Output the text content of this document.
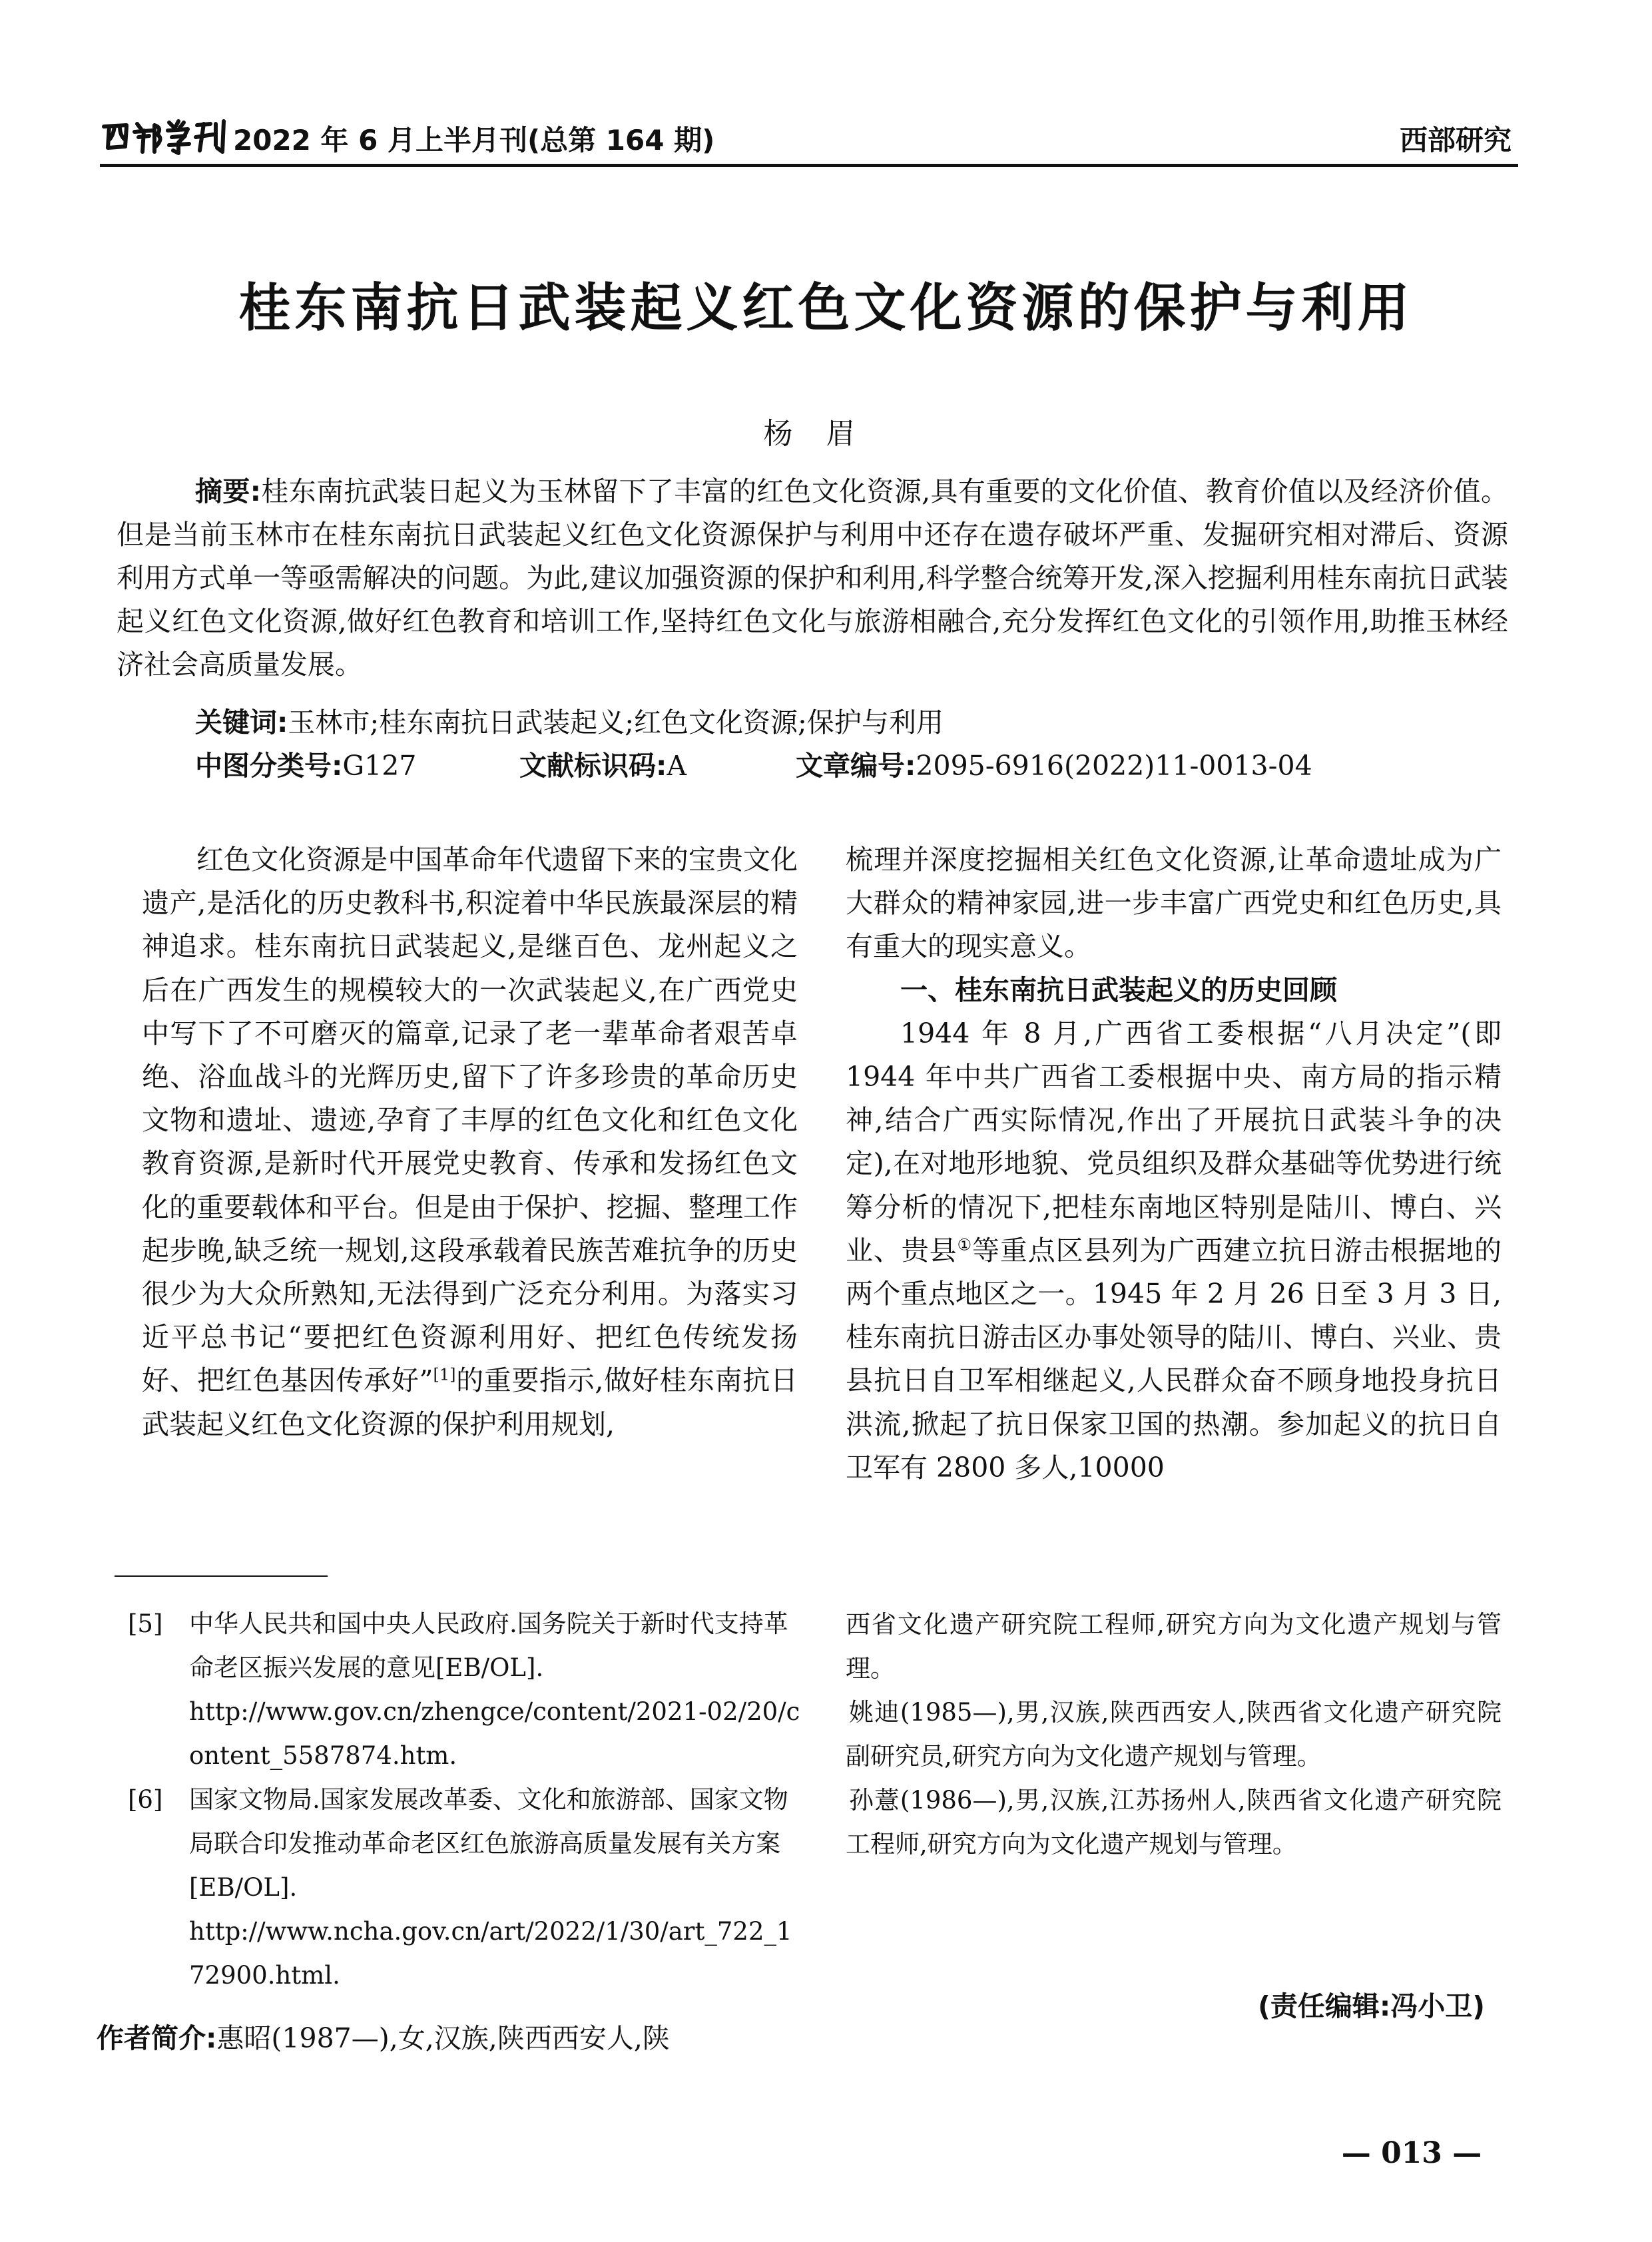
2022 年 6 月上半月刊(总第 164 期)	西部研究
桂东南抗日武装起义红色文化资源的保护与利用
杨眉
摘要:桂东南抗武装日起义为玉林留下了丰富的红色文化资源,具有重要的文化价值、教育价值以及经济价值。但是当前玉林市在桂东南抗日武装起义红色文化资源保护与利用中还存在遗存破坏严重、发掘研究相对滞后、资源利用方式单一等亟需解决的问题。为此,建议加强资源的保护和利用,科学整合统筹开发,深入挖掘利用桂东南抗日武装起义红色文化资源,做好红色教育和培训工作,坚持红色文化与旅游相融合,充分发挥红色文化的引领作用,助推玉林经济社会高质量发展。
关键词:玉林市;桂东南抗日武装起义;红色文化资源;保护与利用
中图分类号:G127	文献标识码:A	文章编号:2095-6916(2022)11-0013-04

红色文化资源是中国革命年代遗留下来的宝贵文化遗产,是活化的历史教科书,积淀着中华民族最深层的精神追求。桂东南抗日武装起义,是继百色、龙州起义之后在广西发生的规模较大的一次武装起义,在广西党史中写下了不可磨灭的篇章,记录了老一辈革命者艰苦卓绝、浴血战斗的光辉历史,留下了许多珍贵的革命历史文物和遗址、遗迹,孕育了丰厚的红色文化和红色文化教育资源,是新时代开展党史教育、传承和发扬红色文化的重要载体和平台。但是由于保护、挖掘、整理工作起步晚,缺乏统一规划,这段承载着民族苦难抗争的历史很少为大众所熟知,无法得到广泛充分利用。为落实习近平总书记“要把红色资源利用好、把红色传统发扬好、把红色基因传承好”[1]的重要指示,做好桂东南抗日武装起义红色文化资源的保护利用规划,

梳理并深度挖掘相关红色文化资源,让革命遗址成为广大群众的精神家园,进一步丰富广西党史和红色历史,具有重大的现实意义。

一、桂东南抗日武装起义的历史回顾

1944 年 8 月,广西省工委根据“八月决定”(即 1944 年中共广西省工委根据中央、南方局的指示精神,结合广西实际情况,作出了开展抗日武装斗争的决定),在对地形地貌、党员组织及群众基础等优势进行统筹分析的情况下,把桂东南地区特别是陆川、博白、兴业、贵县①等重点区县列为广西建立抗日游击根据地的两个重点地区之一。1945 年 2 月 26 日至 3 月 3 日,桂东南抗日游击区办事处领导的陆川、博白、兴业、贵县抗日自卫军相继起义,人民群众奋不顾身地投身抗日洪流,掀起了抗日保家卫国的热潮。参加起义的抗日自卫军有 2800 多人,10000

[5] 中华人民共和国中央人民政府.国务院关于新时代支持革命老区振兴发展的意见[EB/OL].

http://www.gov.cn/zhengce/content/2021-02/20/content_5587874.htm.

[6] 国家文物局.国家发展改革委、文化和旅游部、国家文物局联合印发推动革命老区红色旅游高质量发展有关方案[EB/OL].

http://www.ncha.gov.cn/art/2022/1/30/art_722_172900.html.

作者简介:惠昭(1987—),女,汉族,陕西西安人,陕

西省文化遗产研究院工程师,研究方向为文化遗产规划与管理。

姚迪(1985—),男,汉族,陕西西安人,陕西省文化遗产研究院副研究员,研究方向为文化遗产规划与管理。

孙薏(1986—),男,汉族,江苏扬州人,陕西省文化遗产研究院工程师,研究方向为文化遗产规划与管理。

(责任编辑:冯小卫)
— 013 —
